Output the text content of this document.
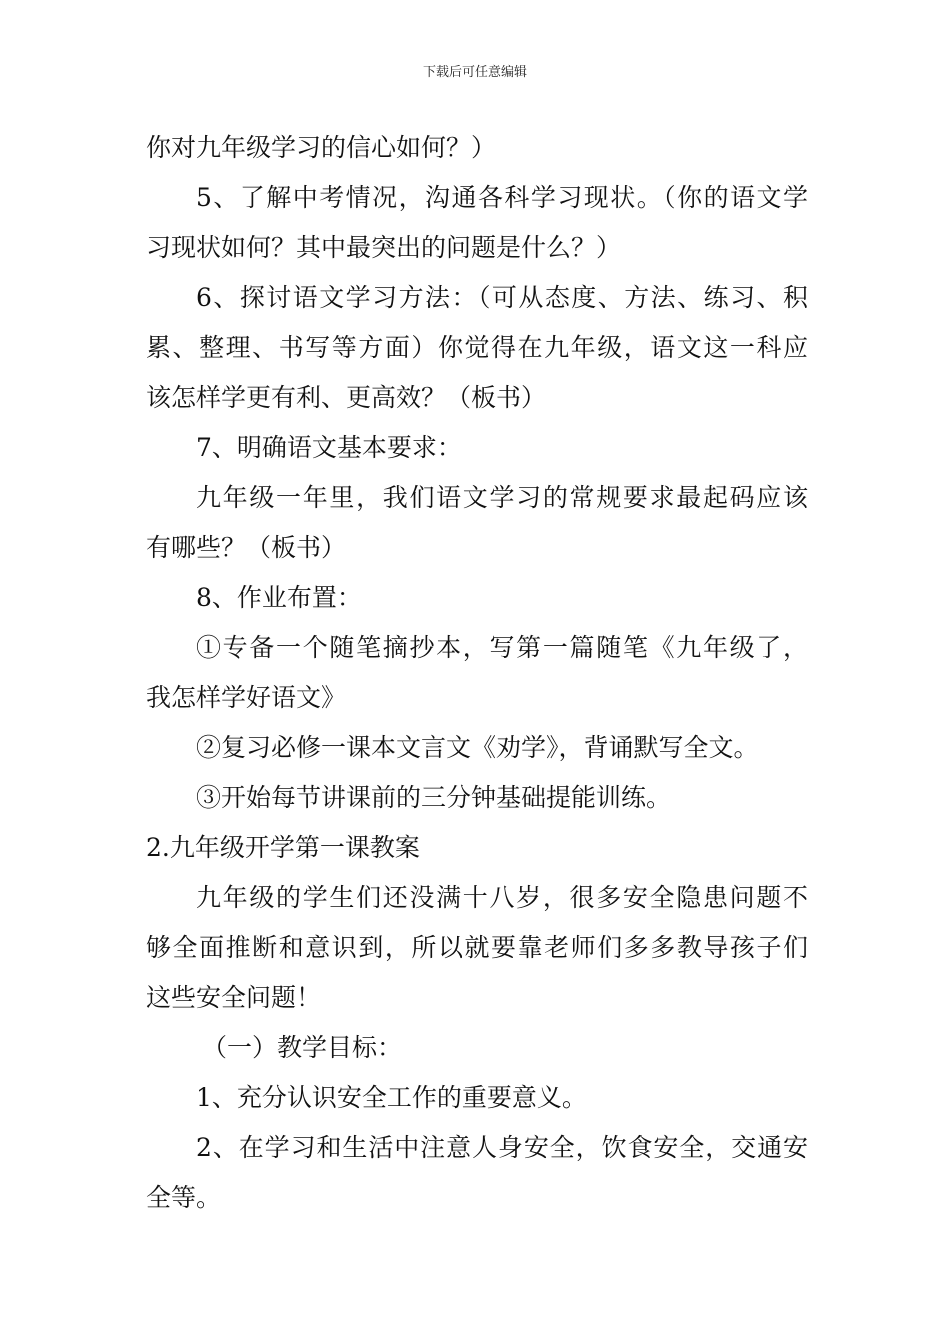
下载后可任意编辑
你对九年级学习的信心如何？）
5、了解中考情况，沟通各科学习现状。（你的语文学
习现状如何？其中最突出的问题是什么？）
6、探讨语文学习方法：（可从态度、方法、练习、积
累、整理、书写等方面）你觉得在九年级，语文这一科应
该怎样学更有利、更高效？（板书）
7、明确语文基本要求：
九年级一年里，我们语文学习的常规要求最起码应该
有哪些？（板书）
8、作业布置：
①专备一个随笔摘抄本，写第一篇随笔《九年级了，
我怎样学好语文》
②复习必修一课本文言文《劝学》，背诵默写全文。
③开始每节讲课前的三分钟基础提能训练。
2.九年级开学第一课教案
九年级的学生们还没满十八岁，很多安全隐患问题不
够全面推断和意识到，所以就要靠老师们多多教导孩子们
这些安全问题！
（一）教学目标：
1、充分认识安全工作的重要意义。
2、在学习和生活中注意人身安全，饮食安全，交通安
全等。
